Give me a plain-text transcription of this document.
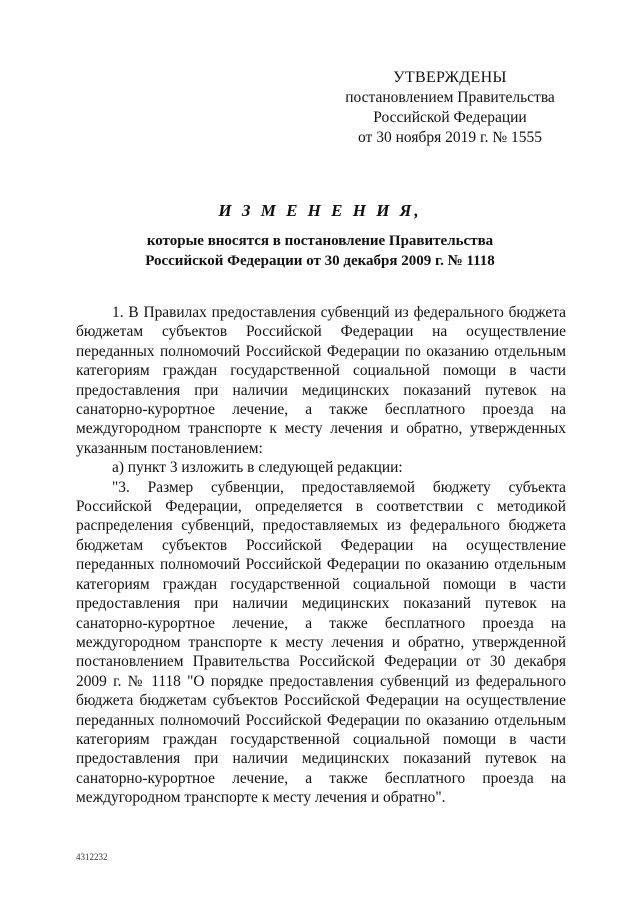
УТВЕРЖДЕНЫ
постановлением Правительства
Российской Федерации
от 30 ноября 2019 г. № 1555
И З М Е Н Е Н И Я,
которые вносятся в постановление Правительства
Российской Федерации от 30 декабря 2009 г. № 1118

1. В Правилах предоставления субвенций из федерального бюджета бюджетам субъектов Российской Федерации на осуществление переданных полномочий Российской Федерации по оказанию отдельным категориям граждан государственной социальной помощи в части предоставления при наличии медицинских показаний путевок на санаторно-курортное лечение, а также бесплатного проезда на междугородном транспорте к месту лечения и обратно, утвержденных указанным постановлением:

а) пункт 3 изложить в следующей редакции:

"3. Размер субвенции, предоставляемой бюджету субъекта Российской Федерации, определяется в соответствии с методикой распределения субвенций, предоставляемых из федерального бюджета бюджетам субъектов Российской Федерации на осуществление переданных полномочий Российской Федерации по оказанию отдельным категориям граждан государственной социальной помощи в части предоставления при наличии медицинских показаний путевок на санаторно-курортное лечение, а также бесплатного проезда на междугородном транспорте к месту лечения и обратно, утвержденной постановлением Правительства Российской Федерации от 30 декабря 2009 г. № 1118 "О порядке предоставления субвенций из федерального бюджета бюджетам субъектов Российской Федерации на осуществление переданных полномочий Российской Федерации по оказанию отдельным категориям граждан государственной социальной помощи в части предоставления при наличии медицинских показаний путевок на санаторно-курортное лечение, а также бесплатного проезда на междугородном транспорте к месту лечения и обратно".

4312232
